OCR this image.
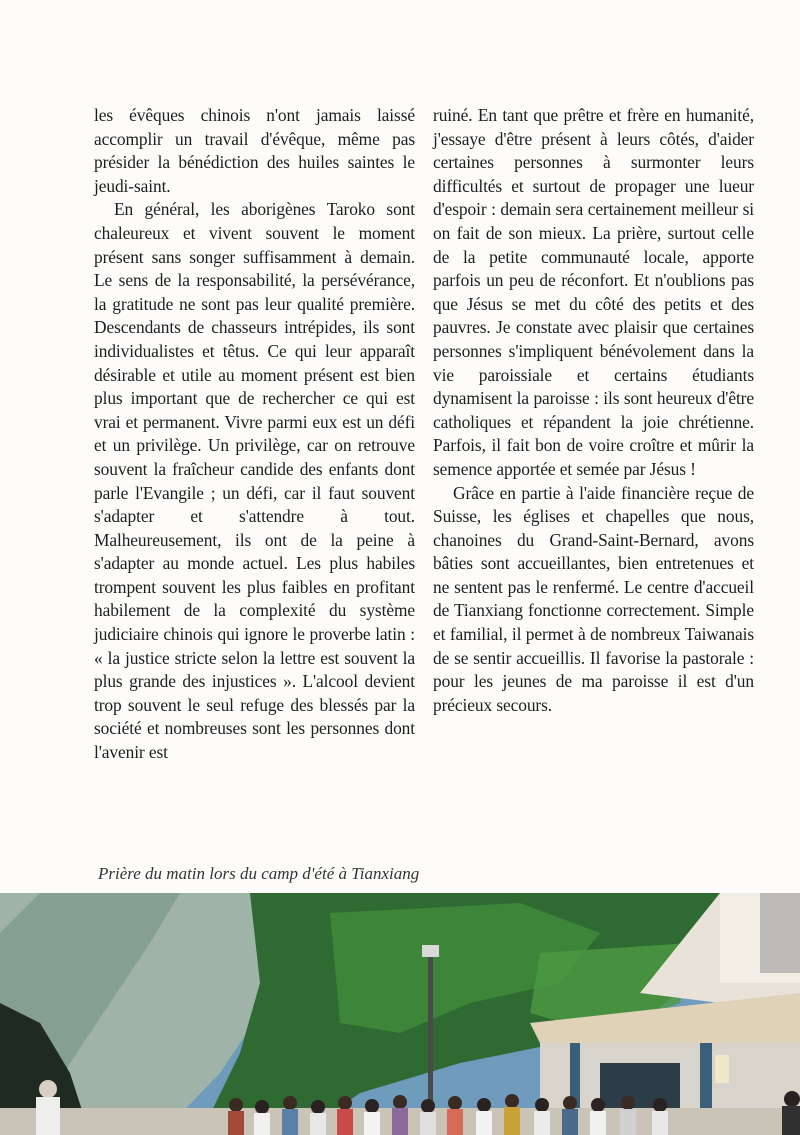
les évêques chinois n'ont jamais laissé accomplir un travail d'évêque, même pas présider la bénédiction des huiles saintes le jeudi-saint.

En général, les aborigènes Taroko sont chaleureux et vivent souvent le moment présent sans songer suffisamment à demain. Le sens de la responsabilité, la persévérance, la gratitude ne sont pas leur qualité première. Descendants de chasseurs intrépides, ils sont individualistes et têtus. Ce qui leur apparaît désirable et utile au moment présent est bien plus important que de rechercher ce qui est vrai et permanent. Vivre parmi eux est un défi et un privilège. Un privilège, car on retrouve souvent la fraîcheur candide des enfants dont parle l'Evangile ; un défi, car il faut souvent s'adapter et s'attendre à tout. Malheureusement, ils ont de la peine à s'adapter au monde actuel. Les plus habiles trompent souvent les plus faibles en profitant habilement de la complexité du système judiciaire chinois qui ignore le proverbe latin : « la justice stricte selon la lettre est souvent la plus grande des injustices ». L'alcool devient trop souvent le seul refuge des blessés par la société et nombreuses sont les personnes dont l'avenir est

ruiné. En tant que prêtre et frère en humanité, j'essaye d'être présent à leurs côtés, d'aider certaines personnes à surmonter leurs difficultés et surtout de propager une lueur d'espoir : demain sera certainement meilleur si on fait de son mieux. La prière, surtout celle de la petite communauté locale, apporte parfois un peu de réconfort. Et n'oublions pas que Jésus se met du côté des petits et des pauvres. Je constate avec plaisir que certaines personnes s'impliquent bénévolement dans la vie paroissiale et certains étudiants dynamisent la paroisse : ils sont heureux d'être catholiques et répandent la joie chrétienne. Parfois, il fait bon de voire croître et mûrir la semence apportée et semée par Jésus !

Grâce en partie à l'aide financière reçue de Suisse, les églises et chapelles que nous, chanoines du Grand-Saint-Bernard, avons bâties sont accueillantes, bien entretenues et ne sentent pas le renfermé. Le centre d'accueil de Tianxiang fonctionne correctement. Simple et familial, il permet à de nombreux Taiwanais de se sentir accueillis. Il favorise la pastorale : pour les jeunes de ma paroisse il est d'un précieux secours.

Prière du matin lors du camp d'été à Tianxiang
